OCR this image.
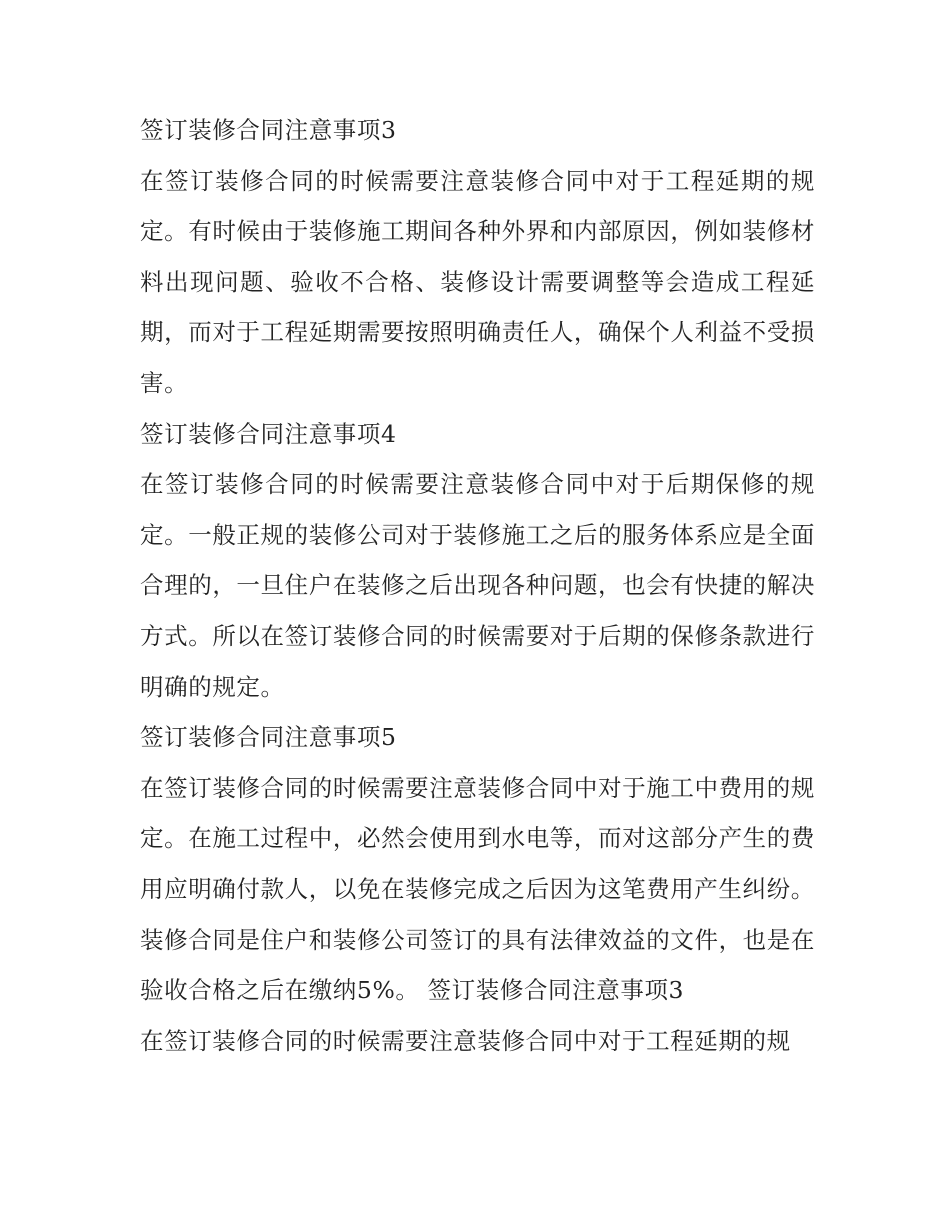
签订装修合同注意事项3
在签订装修合同的时候需要注意装修合同中对于工程延期的规定。有时候由于装修施工期间各种外界和内部原因，例如装修材料出现问题、验收不合格、装修设计需要调整等会造成工程延期，而对于工程延期需要按照明确责任人，确保个人利益不受损害。
签订装修合同注意事项4
在签订装修合同的时候需要注意装修合同中对于后期保修的规定。一般正规的装修公司对于装修施工之后的服务体系应是全面合理的，一旦住户在装修之后出现各种问题，也会有快捷的解决方式。所以在签订装修合同的时候需要对于后期的保修条款进行明确的规定。
签订装修合同注意事项5
在签订装修合同的时候需要注意装修合同中对于施工中费用的规定。在施工过程中，必然会使用到水电等，而对这部分产生的费用应明确付款人，以免在装修完成之后因为这笔费用产生纠纷。
装修合同是住户和装修公司签订的具有法律效益的文件，也是在验收合格之后在缴纳5%。 签订装修合同注意事项3
在签订装修合同的时候需要注意装修合同中对于工程延期的规
